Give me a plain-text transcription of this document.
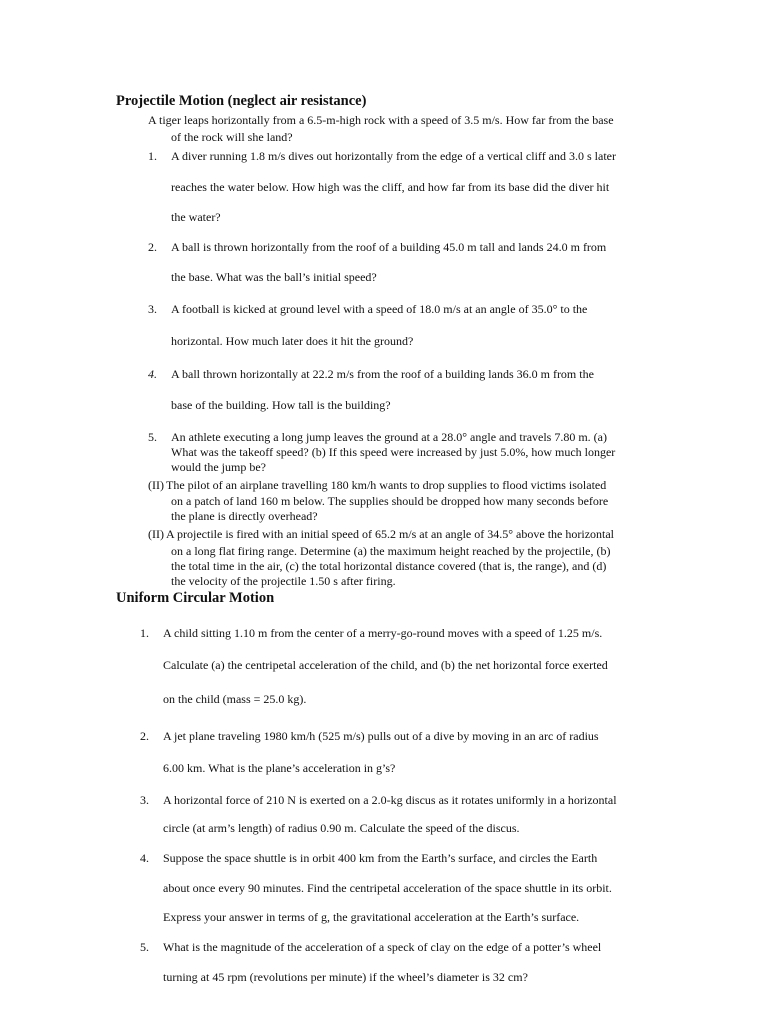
Projectile Motion (neglect air resistance)
A tiger leaps horizontally from a 6.5-m-high rock with a speed of 3.5 m/s. How far from the base
of the rock will she land?
1. A diver running 1.8 m/s dives out horizontally from the edge of a vertical cliff and 3.0 s later
reaches the water below. How high was the cliff, and how far from its base did the diver hit
the water?
2. A ball is thrown horizontally from the roof of a building 45.0 m tall and lands 24.0 m from
the base. What was the ball’s initial speed?
3. A football is kicked at ground level with a speed of 18.0 m/s at an angle of 35.0° to the
horizontal. How much later does it hit the ground?
4. A ball thrown horizontally at 22.2 m/s from the roof of a building lands 36.0 m from the
base of the building. How tall is the building?
5. An athlete executing a long jump leaves the ground at a 28.0° angle and travels 7.80 m. (a)
What was the takeoff speed? (b) If this speed were increased by just 5.0%, how much longer
would the jump be?
(II) The pilot of an airplane travelling 180 km/h wants to drop supplies to flood victims isolated
on a patch of land 160 m below. The supplies should be dropped how many seconds before
the plane is directly overhead?
(II) A projectile is fired with an initial speed of 65.2 m/s at an angle of 34.5° above the horizontal
on a long flat firing range. Determine (a) the maximum height reached by the projectile, (b)
the total time in the air, (c) the total horizontal distance covered (that is, the range), and (d)
the velocity of the projectile 1.50 s after firing.
Uniform Circular Motion
1. A child sitting 1.10 m from the center of a merry-go-round moves with a speed of 1.25 m/s.
Calculate (a) the centripetal acceleration of the child, and (b) the net horizontal force exerted
on the child (mass = 25.0 kg).
2. A jet plane traveling 1980 km/h (525 m/s) pulls out of a dive by moving in an arc of radius
6.00 km. What is the plane’s acceleration in g’s?
3. A horizontal force of 210 N is exerted on a 2.0-kg discus as it rotates uniformly in a horizontal
circle (at arm’s length) of radius 0.90 m. Calculate the speed of the discus.
4. Suppose the space shuttle is in orbit 400 km from the Earth’s surface, and circles the Earth
about once every 90 minutes. Find the centripetal acceleration of the space shuttle in its orbit.
Express your answer in terms of g, the gravitational acceleration at the Earth’s surface.
5. What is the magnitude of the acceleration of a speck of clay on the edge of a potter’s wheel
turning at 45 rpm (revolutions per minute) if the wheel’s diameter is 32 cm?
